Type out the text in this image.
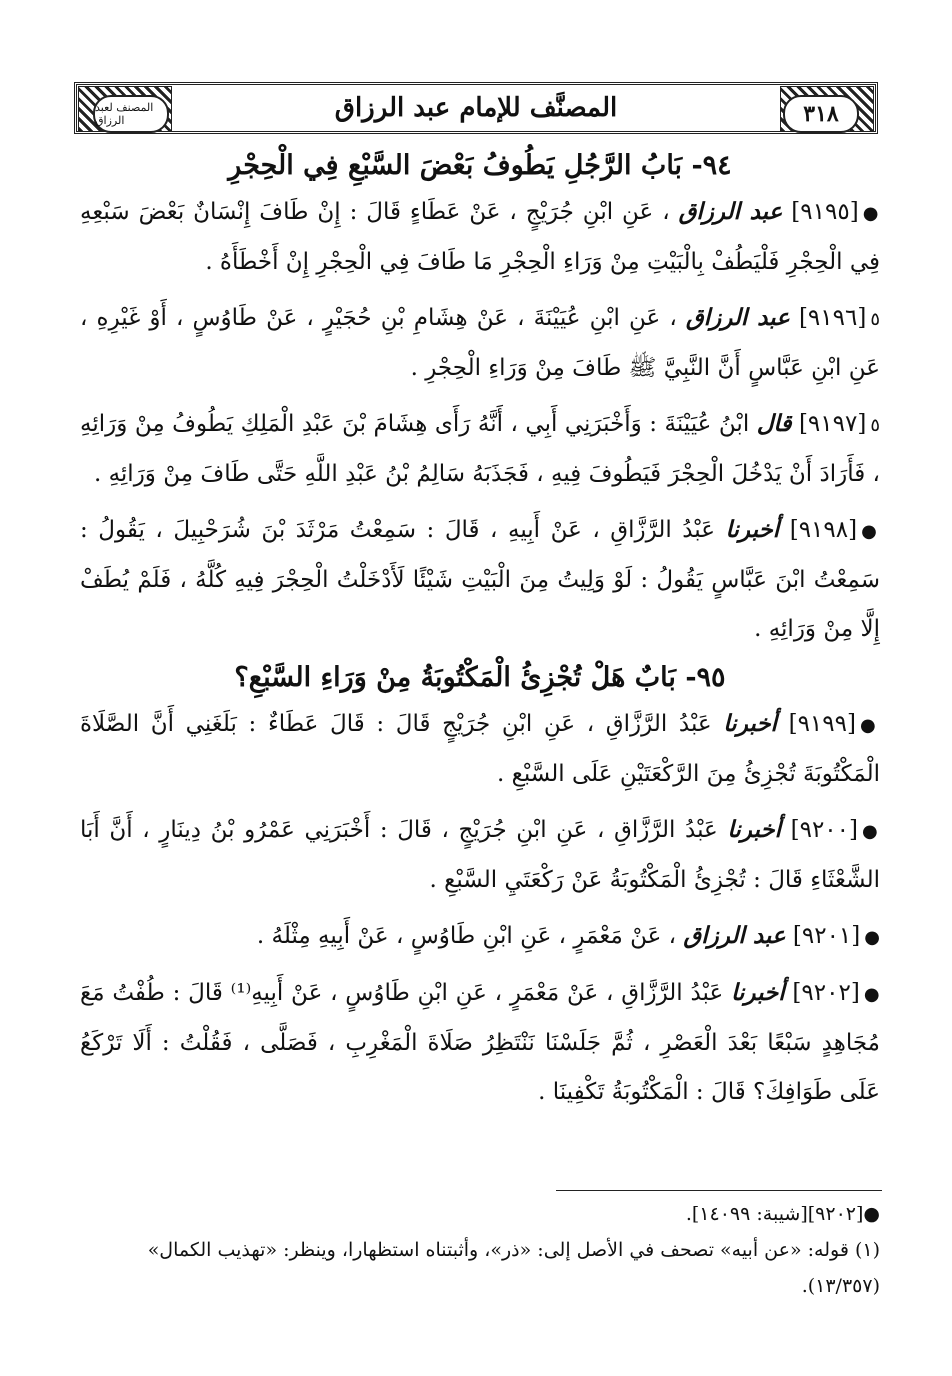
المصنف لعبد الرزاق	٣١٨
المصنَّف للإمام عبد الرزاق

٩٤- بَابُ الرَّجُلِ يَطُوفُ بَعْضَ السَّبْعِ فِي الْحِجْرِ

●[٩١٩٥] عبد الرزاق ، عَنِ ابْنِ جُرَيْجٍ ، عَنْ عَطَاءٍ قَالَ : إِنْ طَافَ إِنْسَانٌ بَعْضَ سَبْعِهِ فِي الْحِجْرِ فَلْيَطُفْ بِالْبَيْتِ مِنْ وَرَاءِ الْحِجْرِ مَا طَافَ فِي الْحِجْرِ إِنْ أَخْطَأَهُ .

٥[٩١٩٦] عبد الرزاق ، عَنِ ابْنِ عُيَيْنَةَ ، عَنْ هِشَامِ بْنِ حُجَيْرٍ ، عَنْ طَاوُسٍ ، أَوْ غَيْرِهِ ، عَنِ ابْنِ عَبَّاسٍ أَنَّ النَّبِيَّ ﷺ طَافَ مِنْ وَرَاءِ الْحِجْرِ .

٥[٩١٩٧] قال ابْنُ عُيَيْنَةَ : وَأَخْبَرَنِي أَبِي ، أَنَّهُ رَأَى هِشَامَ بْنَ عَبْدِ الْمَلِكِ يَطُوفُ مِنْ وَرَائِهِ ، فَأَرَادَ أَنْ يَدْخُلَ الْحِجْرَ فَيَطُوفَ فِيهِ ، فَجَذَبَهُ سَالِمُ بْنُ عَبْدِ اللَّهِ حَتَّى طَافَ مِنْ وَرَائِهِ .

●[٩١٩٨] أخبرنا عَبْدُ الرَّزَّاقِ ، عَنْ أَبِيهِ ، قَالَ : سَمِعْتُ مَرْثَدَ بْنَ شُرَحْبِيلَ ، يَقُولُ : سَمِعْتُ ابْنَ عَبَّاسٍ يَقُولُ : لَوْ وَلِيتُ مِنَ الْبَيْتِ شَيْئًا لَأَدْخَلْتُ الْحِجْرَ فِيهِ كُلَّهُ ، فَلَمْ يُطَفْ إِلَّا مِنْ وَرَائِهِ .

٩٥- بَابٌ هَلْ تُجْزِئُ الْمَكْتُوبَةُ مِنْ وَرَاءِ السَّبْعِ؟

●[٩١٩٩] أخبرنا عَبْدُ الرَّزَّاقِ ، عَنِ ابْنِ جُرَيْجٍ قَالَ : قَالَ عَطَاءٌ : بَلَغَنِي أَنَّ الصَّلَاةَ الْمَكْتُوبَةَ تُجْزِئُ مِنَ الرَّكْعَتَيْنِ عَلَى السَّبْعِ .

●[٩٢٠٠] أخبرنا عَبْدُ الرَّزَّاقِ ، عَنِ ابْنِ جُرَيْجٍ ، قَالَ : أَخْبَرَنِي عَمْرُو بْنُ دِينَارٍ ، أَنَّ أَبَا الشَّعْثَاءِ قَالَ : تُجْزِئُ الْمَكْتُوبَةُ عَنْ رَكْعَتَيِ السَّبْعِ .

●[٩٢٠١] عبد الرزاق ، عَنْ مَعْمَرٍ ، عَنِ ابْنِ طَاوُسٍ ، عَنْ أَبِيهِ مِثْلَهُ .

●[٩٢٠٢] أخبرنا عَبْدُ الرَّزَّاقِ ، عَنْ مَعْمَرٍ ، عَنِ ابْنِ طَاوُسٍ ، عَنْ أَبِيهِ⁽¹⁾ قَالَ : طُفْتُ مَعَ مُجَاهِدٍ سَبْعًا بَعْدَ الْعَصْرِ ، ثُمَّ جَلَسْنَا نَنْتَظِرُ صَلَاةَ الْمَغْرِبِ ، فَصَلَّى ، فَقُلْتُ : أَلَا تَرْكَعُ عَلَى طَوَافِكَ؟ قَالَ : الْمَكْتُوبَةُ تَكْفِينَا .

●[٩٢٠٢][شيبة: ١٤٠٩٩].

(١) قوله: «عن أبيه» تصحف في الأصل إلى: «ذر»، وأثبتناه استظهارا، وينظر: «تهذيب الكمال» (١٣/٣٥٧).
